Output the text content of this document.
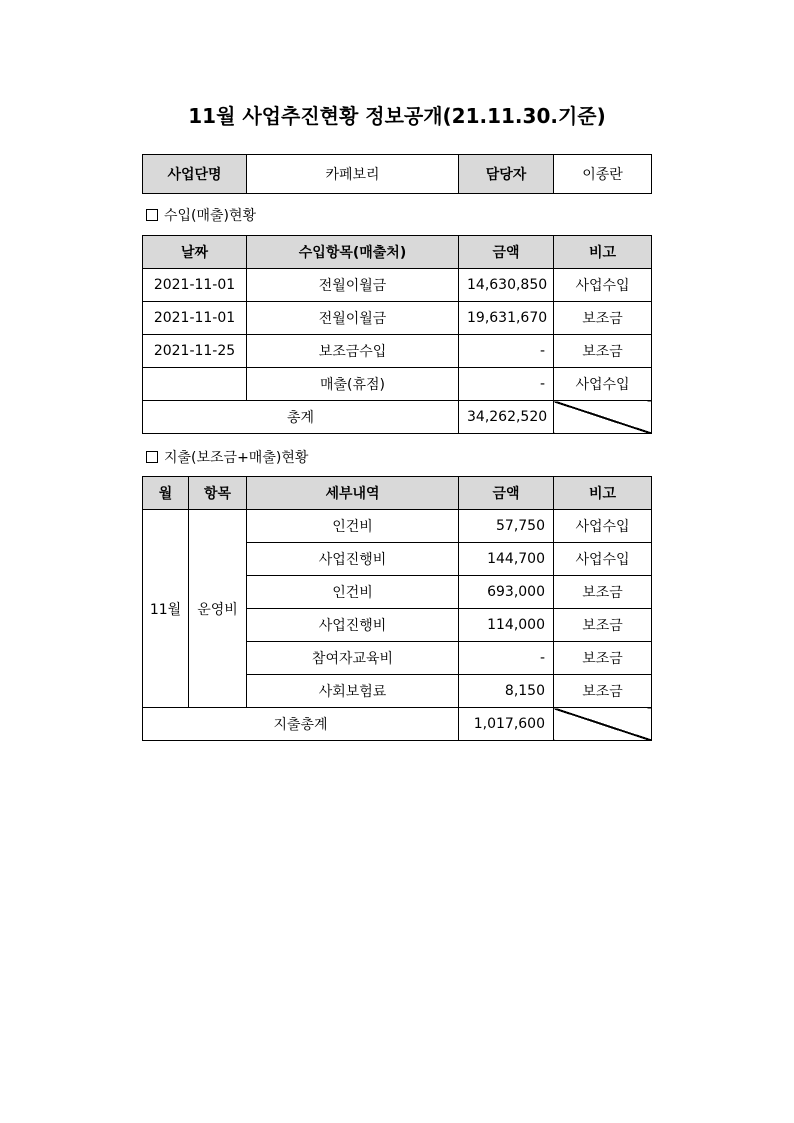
11월 사업추진현황 정보공개(21.11.30.기준)
사업단명	카페보리	담당자	이종란
수입(매출)현황
날짜	수입항목(매출처)	금액	비고
2021-11-01	전월이월금	14,630,850	사업수입
2021-11-01	전월이월금	19,631,670	보조금
2021-11-25	보조금수입	-	보조금
	매출(휴점)	-	사업수입
총계		34,262,520	
지출(보조금+매출)현황
월	항목	세부내역	금액	비고
11월	운영비	인건비	57,750	사업수입
		사업진행비	144,700	사업수입
		인건비	693,000	보조금
		사업진행비	114,000	보조금
		참여자교육비	-	보조금
		사회보험료	8,150	보조금
지출총계			1,017,600	
